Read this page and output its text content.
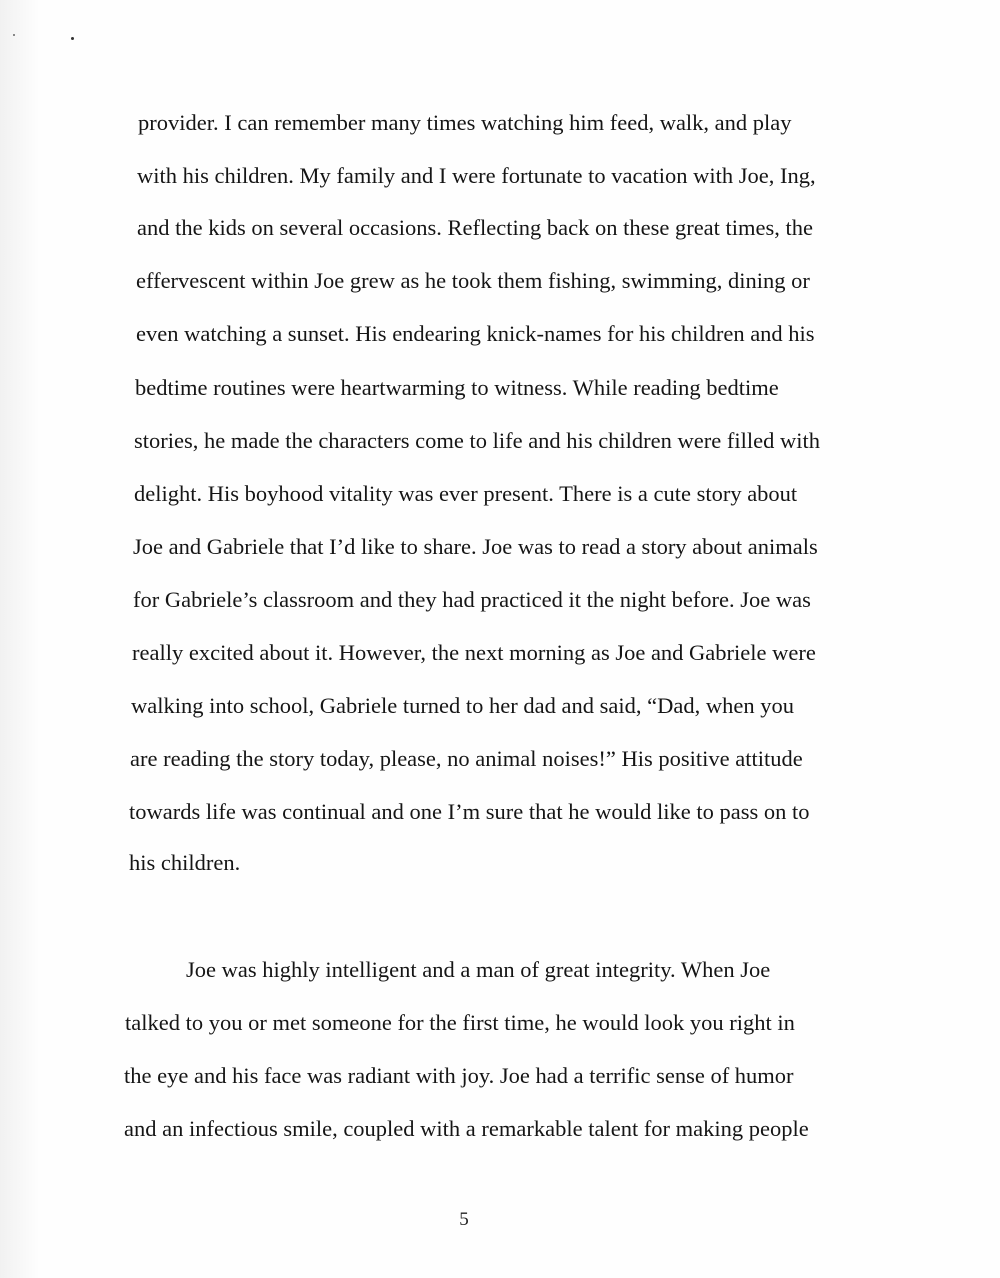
provider. I can remember many times watching him feed, walk, and play
with his children. My family and I were fortunate to vacation with Joe, Ing,
and the kids on several occasions. Reflecting back on these great times, the
effervescent within Joe grew as he took them fishing, swimming, dining or
even watching a sunset. His endearing knick-names for his children and his
bedtime routines were heartwarming to witness. While reading bedtime
stories, he made the characters come to life and his children were filled with
delight. His boyhood vitality was ever present. There is a cute story about
Joe and Gabriele that I’d like to share. Joe was to read a story about animals
for Gabriele’s classroom and they had practiced it the night before. Joe was
really excited about it. However, the next morning as Joe and Gabriele were
walking into school, Gabriele turned to her dad and said, “Dad, when you
are reading the story today, please, no animal noises!” His positive attitude
towards life was continual and one I’m sure that he would like to pass on to
his children.
Joe was highly intelligent and a man of great integrity. When Joe
talked to you or met someone for the first time, he would look you right in
the eye and his face was radiant with joy. Joe had a terrific sense of humor
and an infectious smile, coupled with a remarkable talent for making people
5
